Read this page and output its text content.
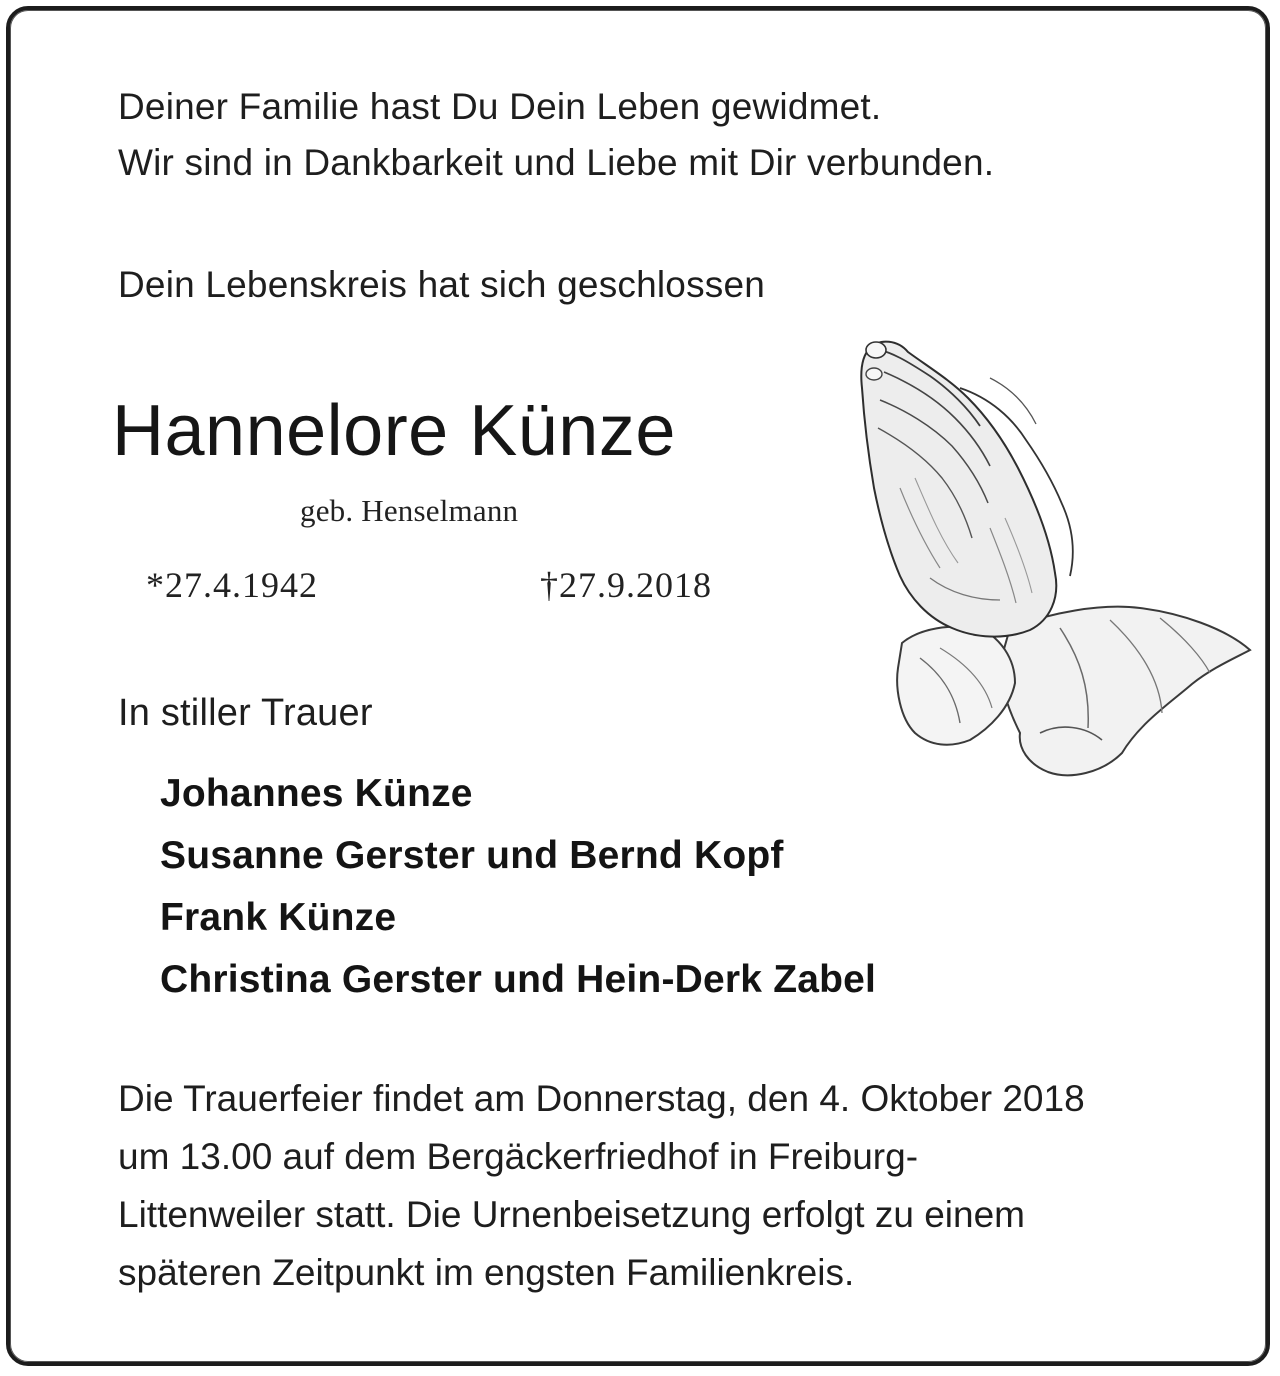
Deiner Familie hast Du Dein Leben gewidmet.
Wir sind in Dankbarkeit und Liebe mit Dir verbunden.
Dein Lebenskreis hat sich geschlossen
Hannelore Künze
geb. Henselmann
*27.4.1942	†27.9.2018
In stiller Trauer
Johannes Künze
Susanne Gerster und Bernd Kopf
Frank Künze
Christina Gerster und Hein-Derk Zabel
Die Trauerfeier findet am Donnerstag, den 4. Oktober 2018
um 13.00 auf dem Bergäckerfriedhof in Freiburg-
Littenweiler statt. Die Urnenbeisetzung erfolgt zu einem
späteren Zeitpunkt im engsten Familienkreis.
